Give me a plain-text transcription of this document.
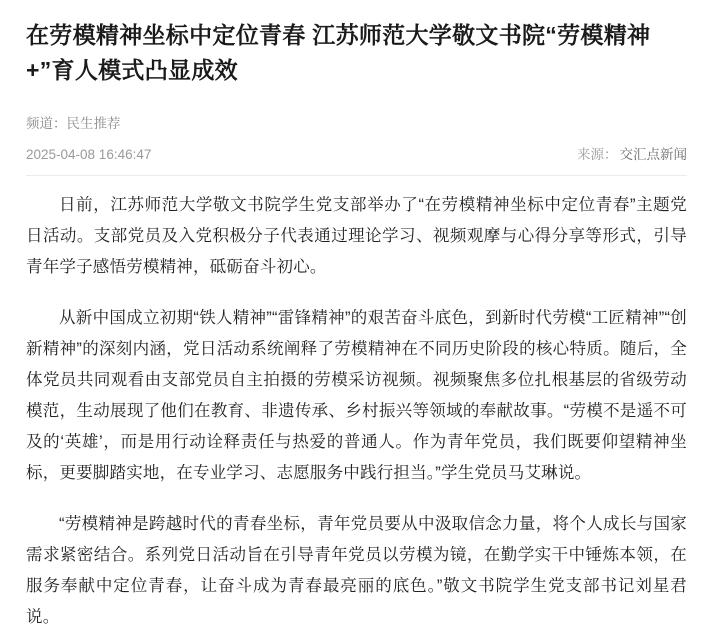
在劳模精神坐标中定位青春 江苏师范大学敬文书院“劳模精神+”育人模式凸显成效
频道：民生推荐
2025-04-08 16:46:47	来源： 交汇点新闻

日前，江苏师范大学敬文书院学生党支部举办了“在劳模精神坐标中定位青春”主题党日活动。支部党员及入党积极分子代表通过理论学习、视频观摩与心得分享等形式，引导青年学子感悟劳模精神，砥砺奋斗初心。

从新中国成立初期“铁人精神”“雷锋精神”的艰苦奋斗底色，到新时代劳模“工匠精神”“创新精神”的深刻内涵，党日活动系统阐释了劳模精神在不同历史阶段的核心特质。随后，全体党员共同观看由支部党员自主拍摄的劳模采访视频。视频聚焦多位扎根基层的省级劳动模范，生动展现了他们在教育、非遗传承、乡村振兴等领域的奉献故事。“劳模不是遥不可及的‘英雄’，而是用行动诠释责任与热爱的普通人。作为青年党员，我们既要仰望精神坐标，更要脚踏实地，在专业学习、志愿服务中践行担当。”学生党员马艾琳说。

“劳模精神是跨越时代的青春坐标，青年党员要从中汲取信念力量，将个人成长与国家需求紧密结合。系列党日活动旨在引导青年党员以劳模为镜，在勤学实干中锤炼本领，在服务奉献中定位青春，让奋斗成为青春最亮丽的底色。”敬文书院学生党支部书记刘星君说。
